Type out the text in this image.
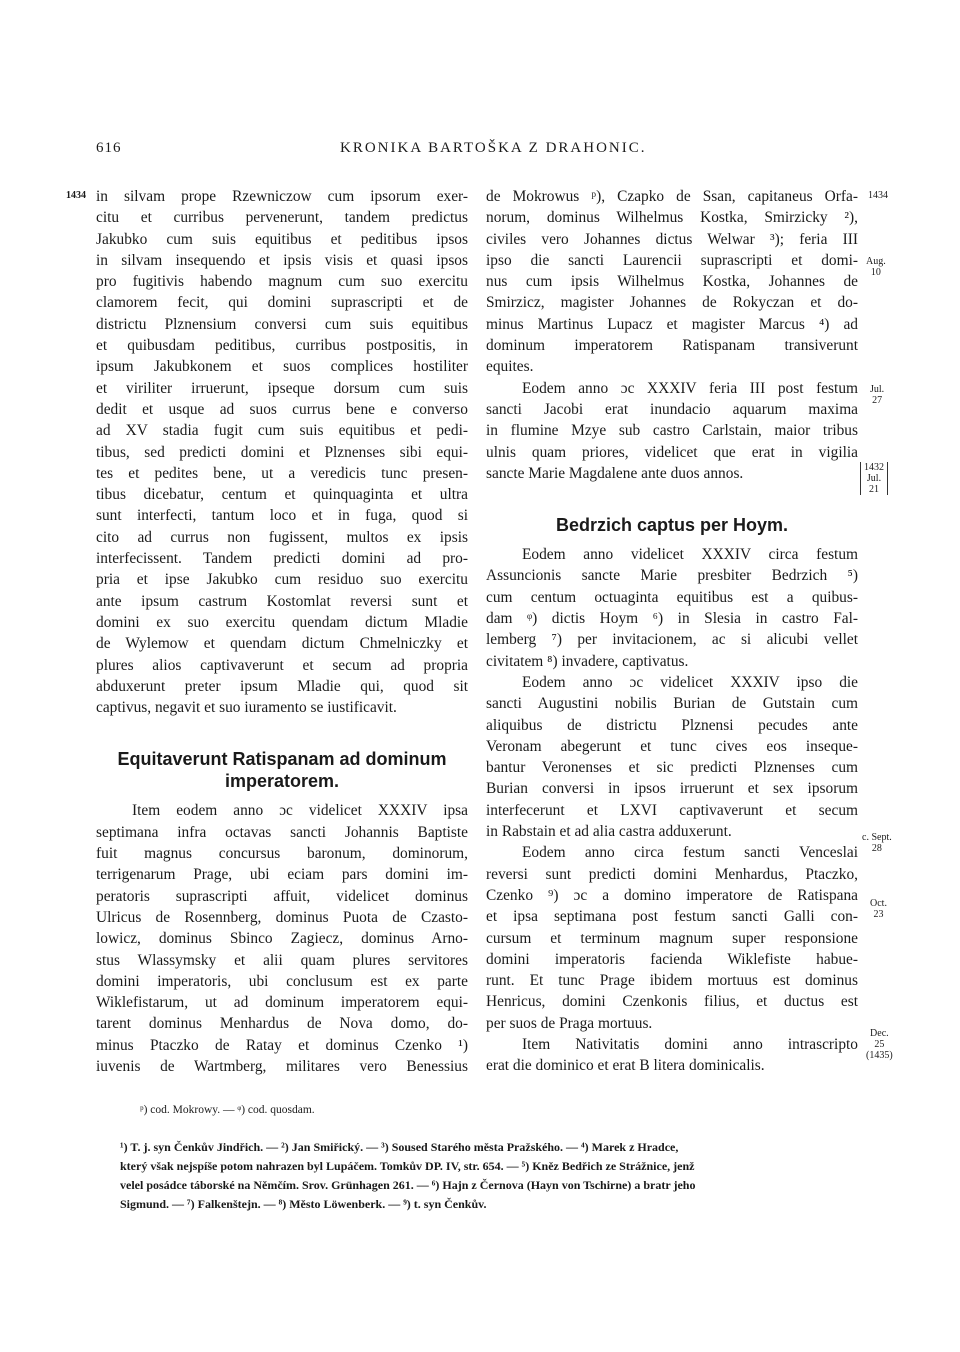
616	KRONIKA BARTOŠKA Z DRAHONIC.
1434	1434
Aug.
10
Jul.
27
1432
Jul.
21
c. Sept.
28
Oct.
23
Dec.
25
(1435)
in silvam prope Rzewniczow cum ipsorum exer-
citu et curribus pervenerunt, tandem predictus
Jakubko cum suis equitibus et peditibus ipsos
in silvam insequendo et ipsis visis et quasi ipsos
pro fugitivis habendo magnum cum suo exercitu
clamorem fecit, qui domini suprascripti et de
districtu Plznensium conversi cum suis equitibus
et quibusdam peditibus, curribus postpositis, in
ipsum Jakubkonem et suos complices hostiliter
et viriliter irruerunt, ipseque dorsum cum suis
dedit et usque ad suos currus bene e converso
ad XV stadia fugit cum suis equitibus et pedi-
tibus, sed predicti domini et Plznenses sibi equi-
tes et pedites bene, ut a veredicis tunc presen-
tibus dicebatur, centum et quinquaginta et ultra
sunt interfecti, tantum loco et in fuga, quod si
cito ad currus non fugissent, multos ex ipsis
interfecissent. Tandem predicti domini ad pro-
pria et ipse Jakubko cum residuo suo exercitu
ante ipsum castrum Kostomlat reversi sunt et
domini ex suo exercitu quendam dictum Mladie
de Wylemow et quendam dictum Chmelniczky et
plures alios captivaverunt et secum ad propria
abduxerunt preter ipsum Mladie qui, quod sit
captivus, negavit et suo iuramento se iustificavit.
Equitaverunt Ratispanam ad dominum
imperatorem.
Item eodem anno ɔc videlicet XXXIV ipsa
septimana infra octavas sancti Johannis Baptiste
fuit magnus concursus baronum, dominorum,
terrigenarum Prage, ubi eciam pars domini im-
peratoris suprascripti affuit, videlicet dominus
Ulricus de Rosennberg, dominus Puota de Czasto-
lowicz, dominus Sbinco Zagiecz, dominus Arno-
stus Wlassymsky et alii quam plures servitores
domini imperatoris, ubi conclusum est ex parte
Wiklefistarum, ut ad dominum imperatorem equi-
tarent dominus Menhardus de Nova domo, do-
minus Ptaczko de Ratay et dominus Czenko ¹)
iuvenis de Wartmberg, militares vero Benessius
de Mokrowus ᵖ), Czapko de Ssan, capitaneus Orfa-
norum, dominus Wilhelmus Kostka, Smirzicky ²),
civiles vero Johannes dictus Welwar ³); feria III
ipso die sancti Laurencii suprascripti et domi-
nus cum ipsis Wilhelmus Kostka, Johannes de
Smirzicz, magister Johannes de Rokyczan et do-
minus Martinus Lupacz et magister Marcus ⁴) ad
dominum imperatorem Ratispanam transiverunt
equites.
Eodem anno ɔc XXXIV feria III post festum
sancti Jacobi erat inundacio aquarum maxima
in flumine Mzye sub castro Carlstain, maior tribus
ulnis quam priores, videlicet que erat in vigilia
sancte Marie Magdalene ante duos annos.
Bedrzich captus per Hoym.
Eodem anno videlicet XXXIV circa festum
Assuncionis sancte Marie presbiter Bedrzich ⁵)
cum centum octuaginta equitibus est a quibus-
dam ᵠ) dictis Hoym ⁶) in Slesia in castro Fal-
lemberg ⁷) per invitacionem, ac si alicubi vellet
civitatem ⁸) invadere, captivatus.
Eodem anno ɔc videlicet XXXIV ipso die
sancti Augustini nobilis Burian de Gutstain cum
aliquibus de districtu Plznensi pecudes ante
Veronam abegerunt et tunc cives eos inseque-
bantur Veronenses et sic predicti Plznenses cum
Burian conversi in ipsos irruerunt et sex ipsorum
interfecerunt et LXVI captivaverunt et secum
in Rabstain et ad alia castra adduxerunt.
Eodem anno circa festum sancti Venceslai
reversi sunt predicti domini Menhardus, Ptaczko,
Czenko ⁹) ɔc a domino imperatore de Ratispana
et ipsa septimana post festum sancti Galli con-
cursum et terminum magnum super responsione
domini imperatoris facienda Wiklefiste habue-
runt. Et tunc Prage ibidem mortuus est dominus
Henricus, domini Czenkonis filius, et ductus est
per suos de Praga mortuus.
Item Nativitatis domini anno intrascripto
erat die dominico et erat B litera dominicalis.
ᵖ) cod. Mokrowy. — ᵠ) cod. quosdam.
¹) T. j. syn Čenkův Jindřich. — ²) Jan Smiřický. — ³) Soused Starého města Pražského. — ⁴) Marek z Hradce,
který však nejspíše potom nahrazen byl Lupáčem. Tomkův DP. IV, str. 654. — ⁵) Kněz Bedřich ze Strážnice, jenž
velel posádce táborské na Němčím. Srov. Grünhagen 261. — ⁶) Hajn z Černova (Hayn von Tschirne) a bratr jeho
Sigmund. — ⁷) Falkenštejn. — ⁸) Město Löwenberk. — ⁹) t. syn Čenkův.
